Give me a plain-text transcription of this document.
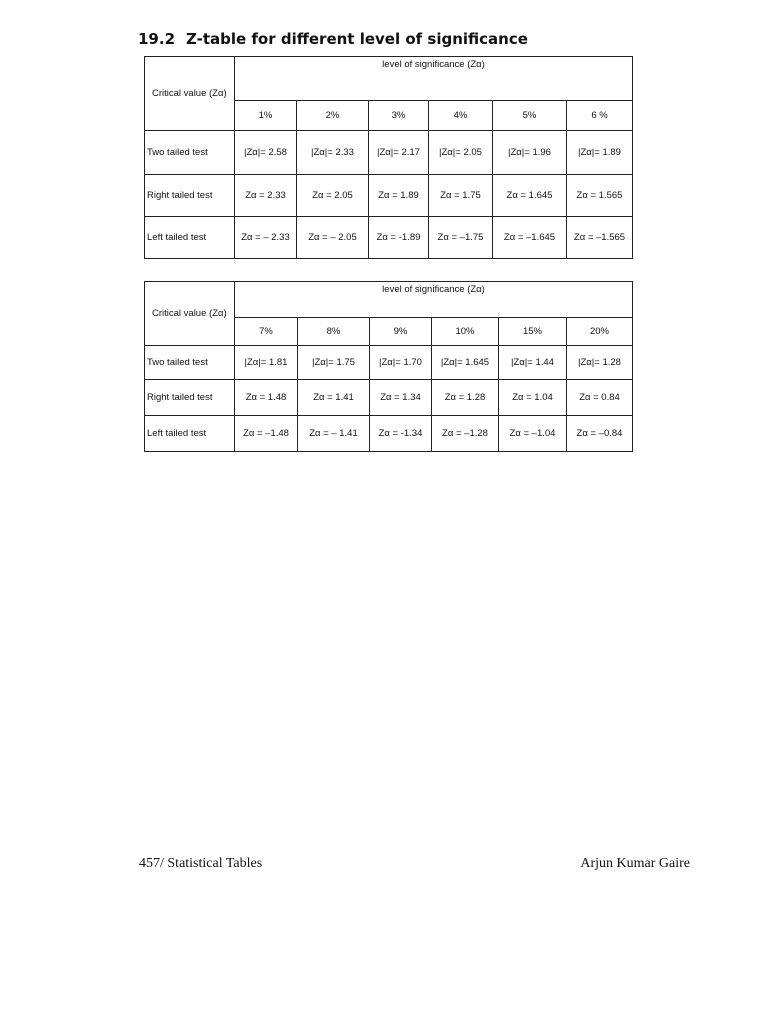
19.2 Z-table for different level of significance
Critical value (Zα)	level of significance (Zα)					
	1%	2%	3%	4%	5%	6 %
Two tailed test	|Zα|= 2.58	|Zα|= 2.33	|Zα|= 2.17	|Zα|= 2.05	|Zα|= 1.96	|Zα|= 1.89
Right tailed test	Zα = 2.33	Zα = 2.05	Zα = 1.89	Zα = 1.75	Zα = 1.645	Zα = 1.565
Left tailed test	Zα = – 2.33	Zα = – 2.05	Zα = -1.89	Zα = –1.75	Zα = –1.645	Zα = –1.565
Critical value (Zα)	level of significance (Zα)					
	7%	8%	9%	10%	15%	20%
Two tailed test	|Zα|= 1.81	|Zα|= 1.75	|Zα|= 1.70	|Zα|= 1.645	|Zα|= 1.44	|Zα|= 1.28
Right tailed test	Zα = 1.48	Zα = 1.41	Zα = 1.34	Zα = 1.28	Zα = 1.04	Zα = 0.84
Left tailed test	Zα = –1.48	Zα = – 1.41	Zα = -1.34	Zα = –1.28	Zα = –1.04	Zα = –0.84
457/ Statistical Tables	Arjun Kumar Gaire
